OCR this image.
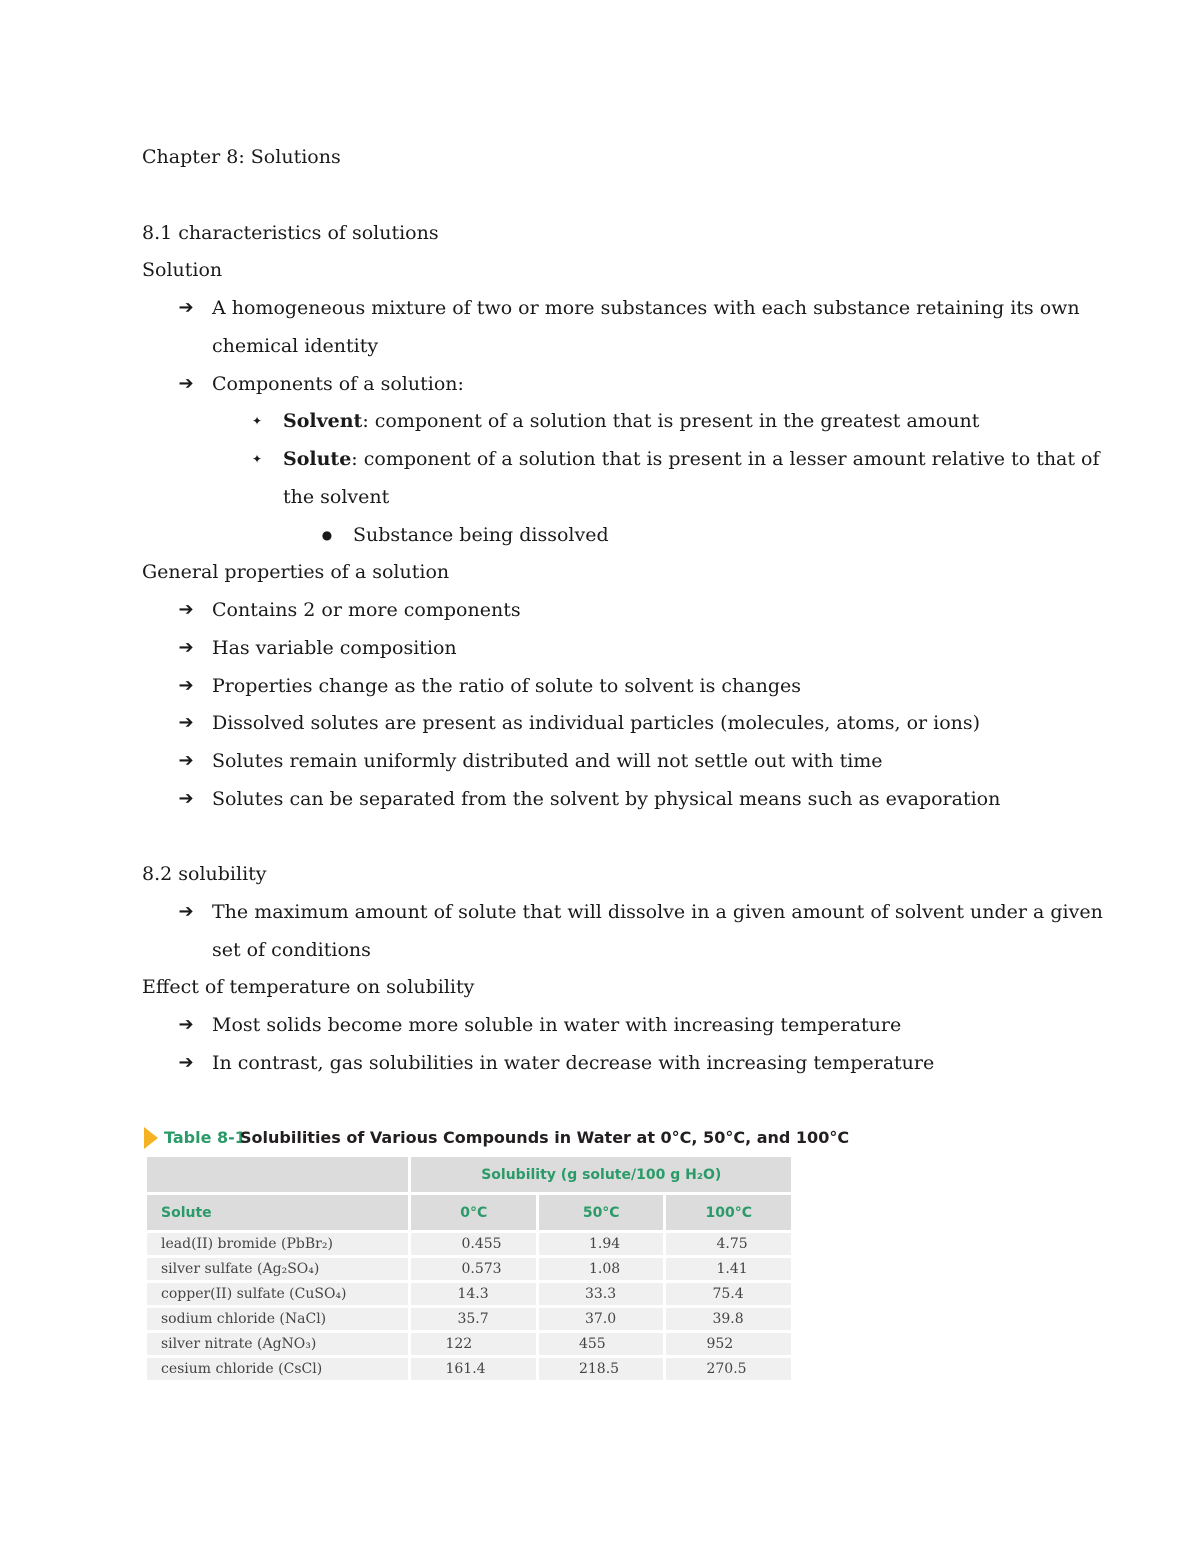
Chapter 8: Solutions
8.1 characteristics of solutions
Solution
➔ A homogeneous mixture of two or more substances with each substance retaining its own
chemical identity
➔ Components of a solution:
✦ Solvent: component of a solution that is present in the greatest amount
✦ Solute: component of a solution that is present in a lesser amount relative to that of
the solvent
● Substance being dissolved
General properties of a solution
➔ Contains 2 or more components
➔ Has variable composition
➔ Properties change as the ratio of solute to solvent is changes
➔ Dissolved solutes are present as individual particles (molecules, atoms, or ions)
➔ Solutes remain uniformly distributed and will not settle out with time
➔ Solutes can be separated from the solvent by physical means such as evaporation
8.2 solubility
➔ The maximum amount of solute that will dissolve in a given amount of solvent under a given
set of conditions
Effect of temperature on solubility
➔ Most solids become more soluble in water with increasing temperature
➔ In contrast, gas solubilities in water decrease with increasing temperature
Table 8-1
Solubilities of Various Compounds in Water at 0°C, 50°C, and 100°C
	Solubility (g solute/100 g H₂O)		
Solute	0°C	50°C	100°C
lead(II) bromide (PbBr₂)	0.455	1.94	4.75
silver sulfate (Ag₂SO₄)	0.573	1.08	1.41
copper(II) sulfate (CuSO₄)	14.3	33.3	75.4
sodium chloride (NaCl)	35.7	37.0	39.8
silver nitrate (AgNO₃)	122	455	952
cesium chloride (CsCl)	161.4	218.5	270.5
